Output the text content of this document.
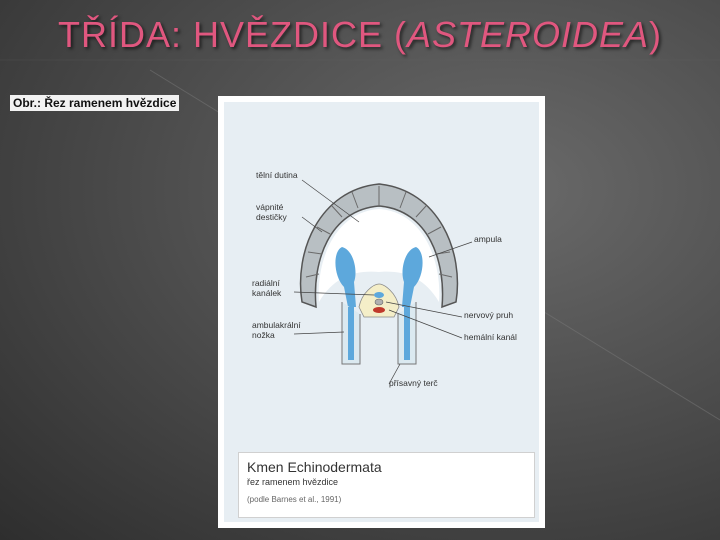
TŘÍDA: HVĚZDICE (ASTEROIDEA)
Obr.: Řez ramenem hvězdice
tělní dutina
vápnité
destičky
ampula
radiální
kanálek
nervový pruh
ambulakrální
nožka	hemální kanál
přísavný terč
Kmen Echinodermata
řez ramenem hvězdice
(podle Barnes et al., 1991)
